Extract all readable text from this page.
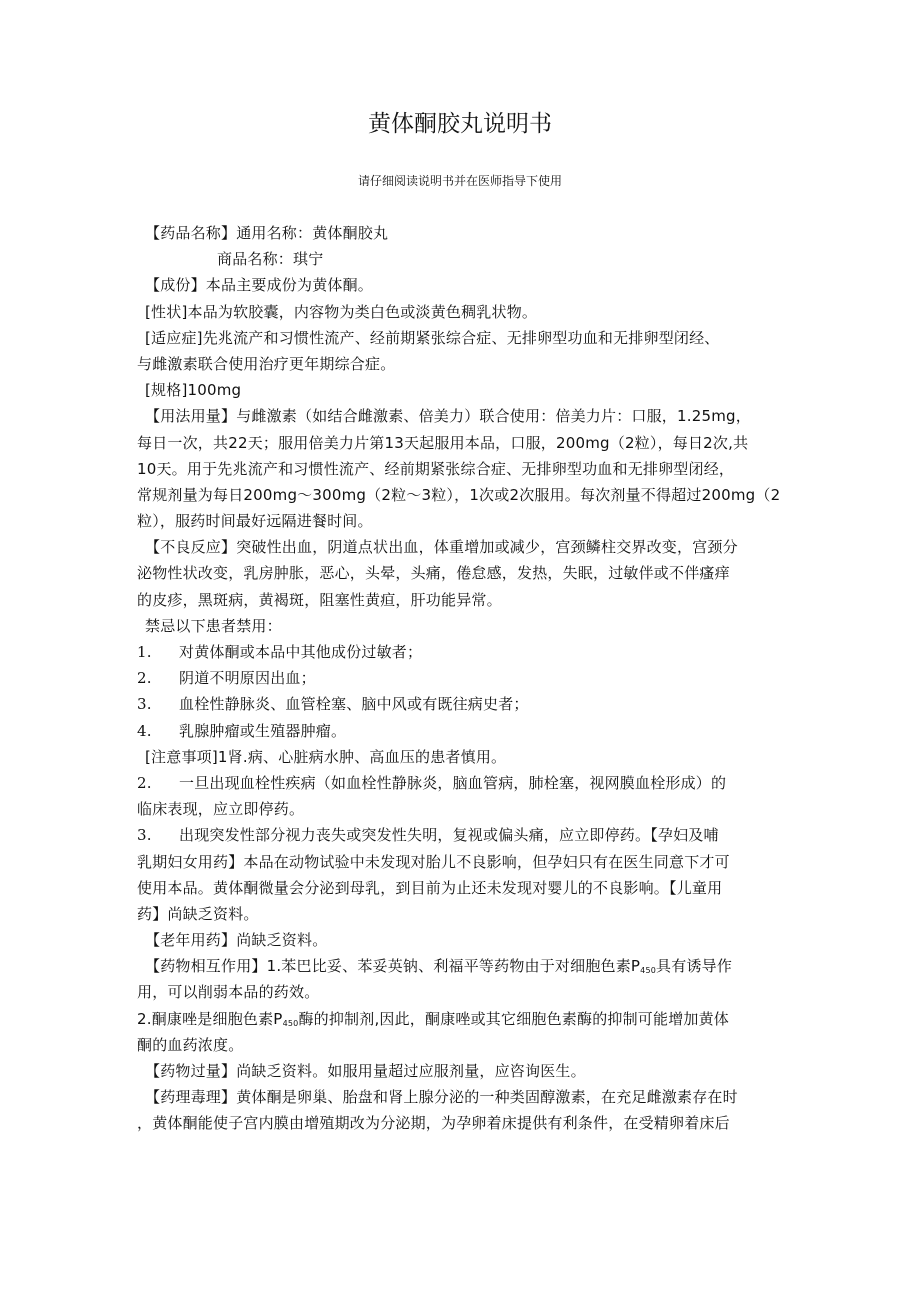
黄体酮胶丸说明书
请仔细阅读说明书并在医师指导下使用
【药品名称】通用名称：黄体酮胶丸
商品名称：琪宁
【成份】本品主要成份为黄体酮。
[性状]本品为软胶囊，内容物为类白色或淡黄色稠乳状物。
[适应症]先兆流产和习惯性流产、经前期紧张综合症、无排卵型功血和无排卵型闭经、
与雌激素联合使用治疗更年期综合症。
[规格]100mg
【用法用量】与雌激素（如结合雌激素、倍美力）联合使用：倍美力片：口服，1.25mg，
每日一次，共22天；服用倍美力片第13天起服用本品，口服，200mg（2粒），每日2次,共
10天。用于先兆流产和习惯性流产、经前期紧张综合症、无排卵型功血和无排卵型闭经，
常规剂量为每日200mg〜300mg（2粒〜3粒），1次或2次服用。每次剂量不得超过200mg（2
粒），服药时间最好远隔进餐时间。
【不良反应】突破性出血，阴道点状出血，体重增加或减少，宫颈鳞柱交界改变，宫颈分
泌物性状改变，乳房肿胀，恶心，头晕，头痛，倦怠感，发热，失眠，过敏伴或不伴瘙痒
的皮疹，黑斑病，黄褐斑，阻塞性黄疸，肝功能异常。
禁忌以下患者禁用：
1. 对黄体酮或本品中其他成份过敏者；
2. 阴道不明原因出血；
3. 血栓性静脉炎、血管栓塞、脑中风或有既往病史者；
4. 乳腺肿瘤或生殖器肿瘤。
[注意事项]1肾.病、心脏病水肿、高血压的患者慎用。
2. 一旦出现血栓性疾病（如血栓性静脉炎，脑血管病，肺栓塞，视网膜血栓形成）的
临床表现，应立即停药。
3. 出现突发性部分视力丧失或突发性失明，复视或偏头痛，应立即停药。【孕妇及哺
乳期妇女用药】本品在动物试验中未发现对胎儿不良影响，但孕妇只有在医生同意下才可
使用本品。黄体酮微量会分泌到母乳，到目前为止还未发现对婴儿的不良影响。【儿童用
药】尚缺乏资料。
【老年用药】尚缺乏资料。
【药物相互作用】1.苯巴比妥、苯妥英钠、利福平等药物由于对细胞色素$P_{450}$具有诱导作
用，可以削弱本品的药效。
2.酮康唑是细胞色素$P_{450}$酶的抑制剂,因此，酮康唑或其它细胞色素酶的抑制可能增加黄体
酮的血药浓度。
【药物过量】尚缺乏资料。如服用量超过应服剂量，应咨询医生。
【药理毒理】黄体酮是卵巢、胎盘和肾上腺分泌的一种类固醇激素，在充足雌激素存在时
，黄体酮能使子宫内膜由增殖期改为分泌期，为孕卵着床提供有利条件，在受精卵着床后
